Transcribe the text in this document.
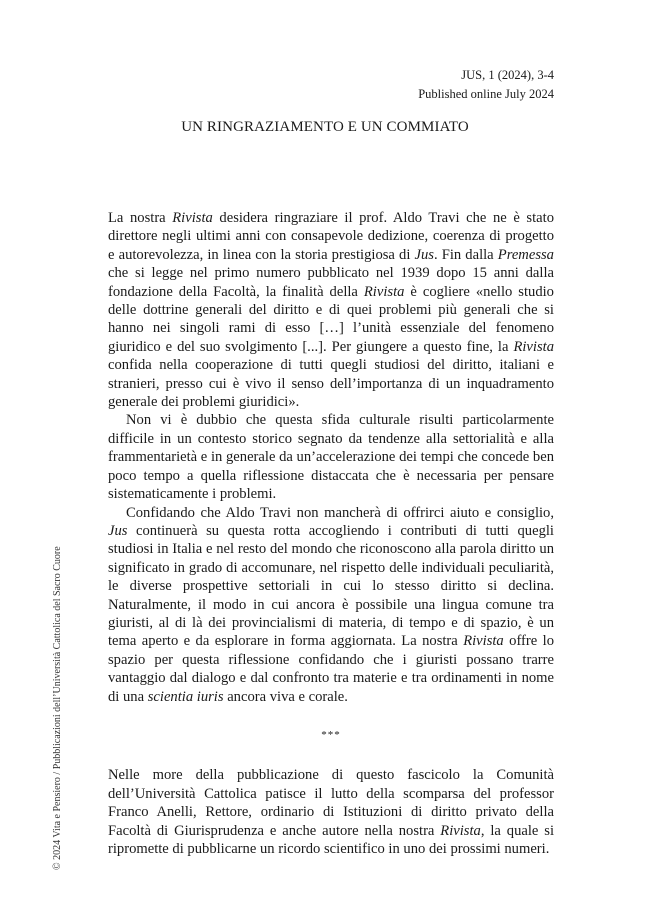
JUS, 1 (2024), 3-4
Published online July 2024
UN RINGRAZIAMENTO E UN COMMIATO

La nostra Rivista desidera ringraziare il prof. Aldo Travi che ne è stato direttore negli ultimi anni con consapevole dedizione, coerenza di progetto e autorevolezza, in linea con la storia prestigiosa di Jus. Fin dalla Premessa che si legge nel primo numero pubblicato nel 1939 dopo 15 anni dalla fondazione della Facoltà, la finalità della Rivista è cogliere «nello studio delle dottrine generali del diritto e di quei problemi più generali che si hanno nei singoli rami di esso […] l’unità essenziale del fenomeno giuridico e del suo svolgimento [...]. Per giungere a questo fine, la Rivista confida nella cooperazione di tutti quegli studiosi del diritto, italiani e stranieri, presso cui è vivo il senso dell’importanza di un inquadramento generale dei problemi giuridici».

Non vi è dubbio che questa sfida culturale risulti particolarmente difficile in un contesto storico segnato da tendenze alla settorialità e alla frammentarietà e in generale da un’accelerazione dei tempi che concede ben poco tempo a quella riflessione distaccata che è necessaria per pensare sistematicamente i problemi.

Confidando che Aldo Travi non mancherà di offrirci aiuto e consiglio, Jus continuerà su questa rotta accogliendo i contributi di tutti quegli studiosi in Italia e nel resto del mondo che riconoscono alla parola diritto un significato in grado di accomunare, nel rispetto delle individuali peculiarità, le diverse prospettive settoriali in cui lo stesso diritto si declina. Naturalmente, il modo in cui ancora è possibile una lingua comune tra giuristi, al di là dei provincialismi di materia, di tempo e di spazio, è un tema aperto e da esplorare in forma aggiornata. La nostra Rivista offre lo spazio per questa riflessione confidando che i giuristi possano trarre vantaggio dal dialogo e dal confronto tra materie e tra ordinamenti in nome di una scientia iuris ancora viva e corale.

***

Nelle more della pubblicazione di questo fascicolo la Comunità dell’Università Cattolica patisce il lutto della scomparsa del professor Franco Anelli, Rettore, ordinario di Istituzioni di diritto privato della Facoltà di Giurisprudenza e anche autore nella nostra Rivista, la quale si ripromette di pubblicarne un ricordo scientifico in uno dei prossimi numeri.

© 2024 Vita e Pensiero / Pubblicazioni dell’Università Cattolica del Sacro Cuore
